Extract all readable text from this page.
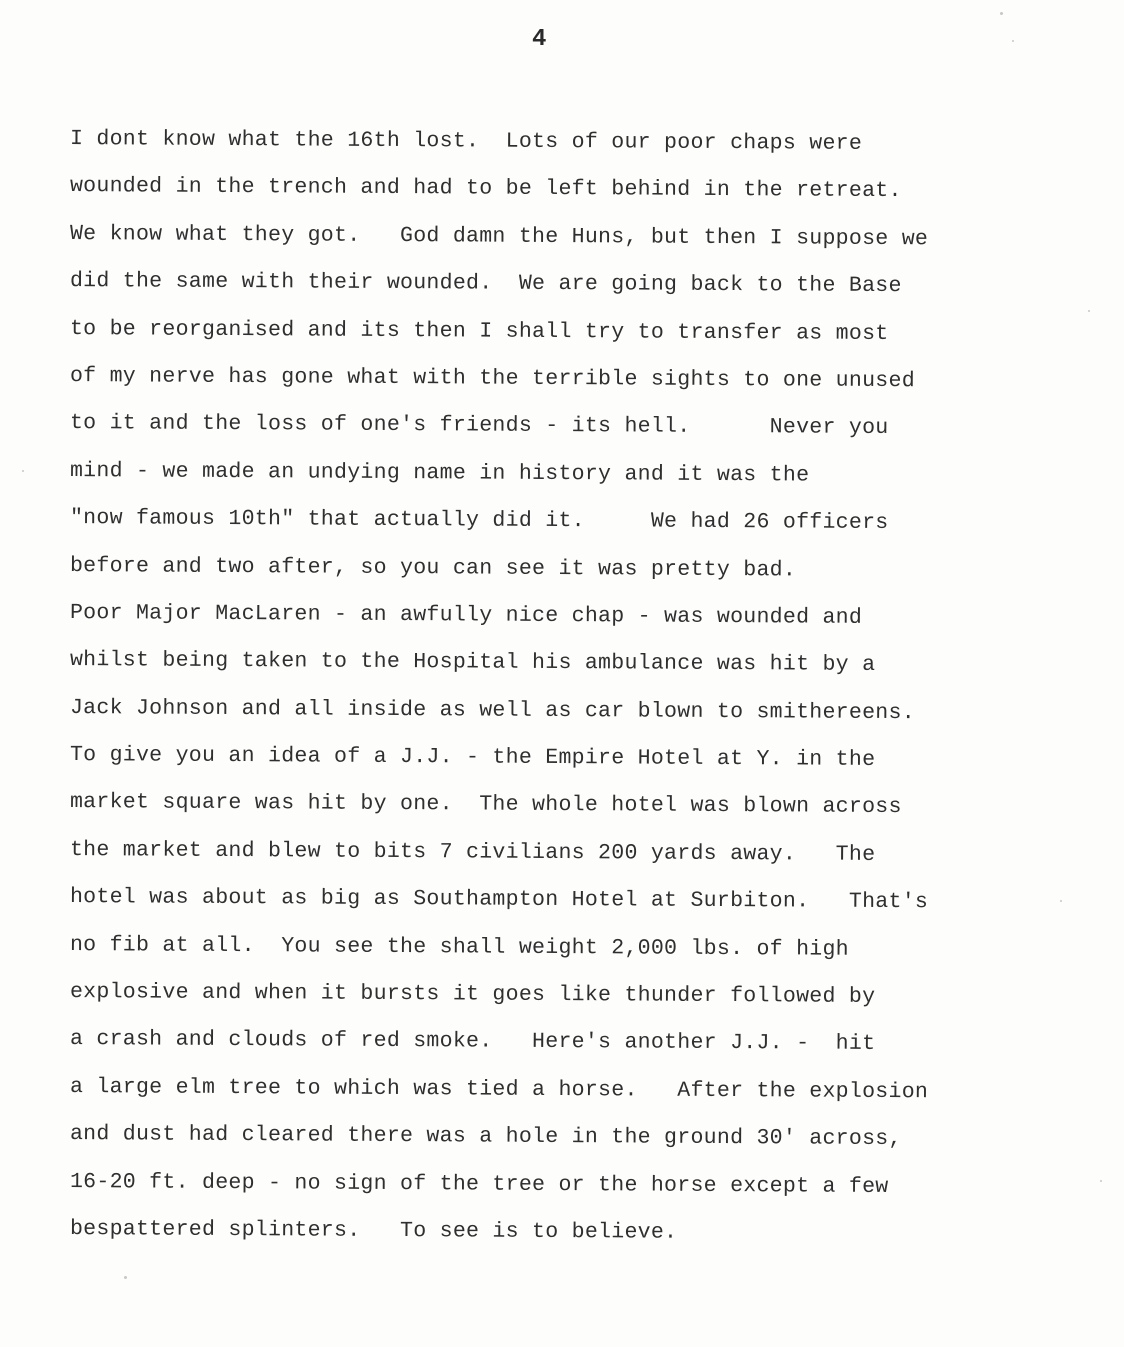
4
I dont know what the 16th lost.  Lots of our poor chaps were
wounded in the trench and had to be left behind in the retreat.
We know what they got.   God damn the Huns, but then I suppose we
did the same with their wounded.  We are going back to the Base
to be reorganised and its then I shall try to transfer as most
of my nerve has gone what with the terrible sights to one unused
to it and the loss of one's friends - its hell.      Never you
mind - we made an undying name in history and it was the
"now famous 10th" that actually did it.     We had 26 officers
before and two after, so you can see it was pretty bad.
Poor Major MacLaren - an awfully nice chap - was wounded and
whilst being taken to the Hospital his ambulance was hit by a
Jack Johnson and all inside as well as car blown to smithereens.
To give you an idea of a J.J. - the Empire Hotel at Y. in the
market square was hit by one.  The whole hotel was blown across
the market and blew to bits 7 civilians 200 yards away.   The
hotel was about as big as Southampton Hotel at Surbiton.   That's
no fib at all.  You see the shall weight 2,000 lbs. of high
explosive and when it bursts it goes like thunder followed by
a crash and clouds of red smoke.   Here's another J.J. -  hit
a large elm tree to which was tied a horse.   After the explosion
and dust had cleared there was a hole in the ground 30' across,
16-20 ft. deep - no sign of the tree or the horse except a few
bespattered splinters.   To see is to believe.
